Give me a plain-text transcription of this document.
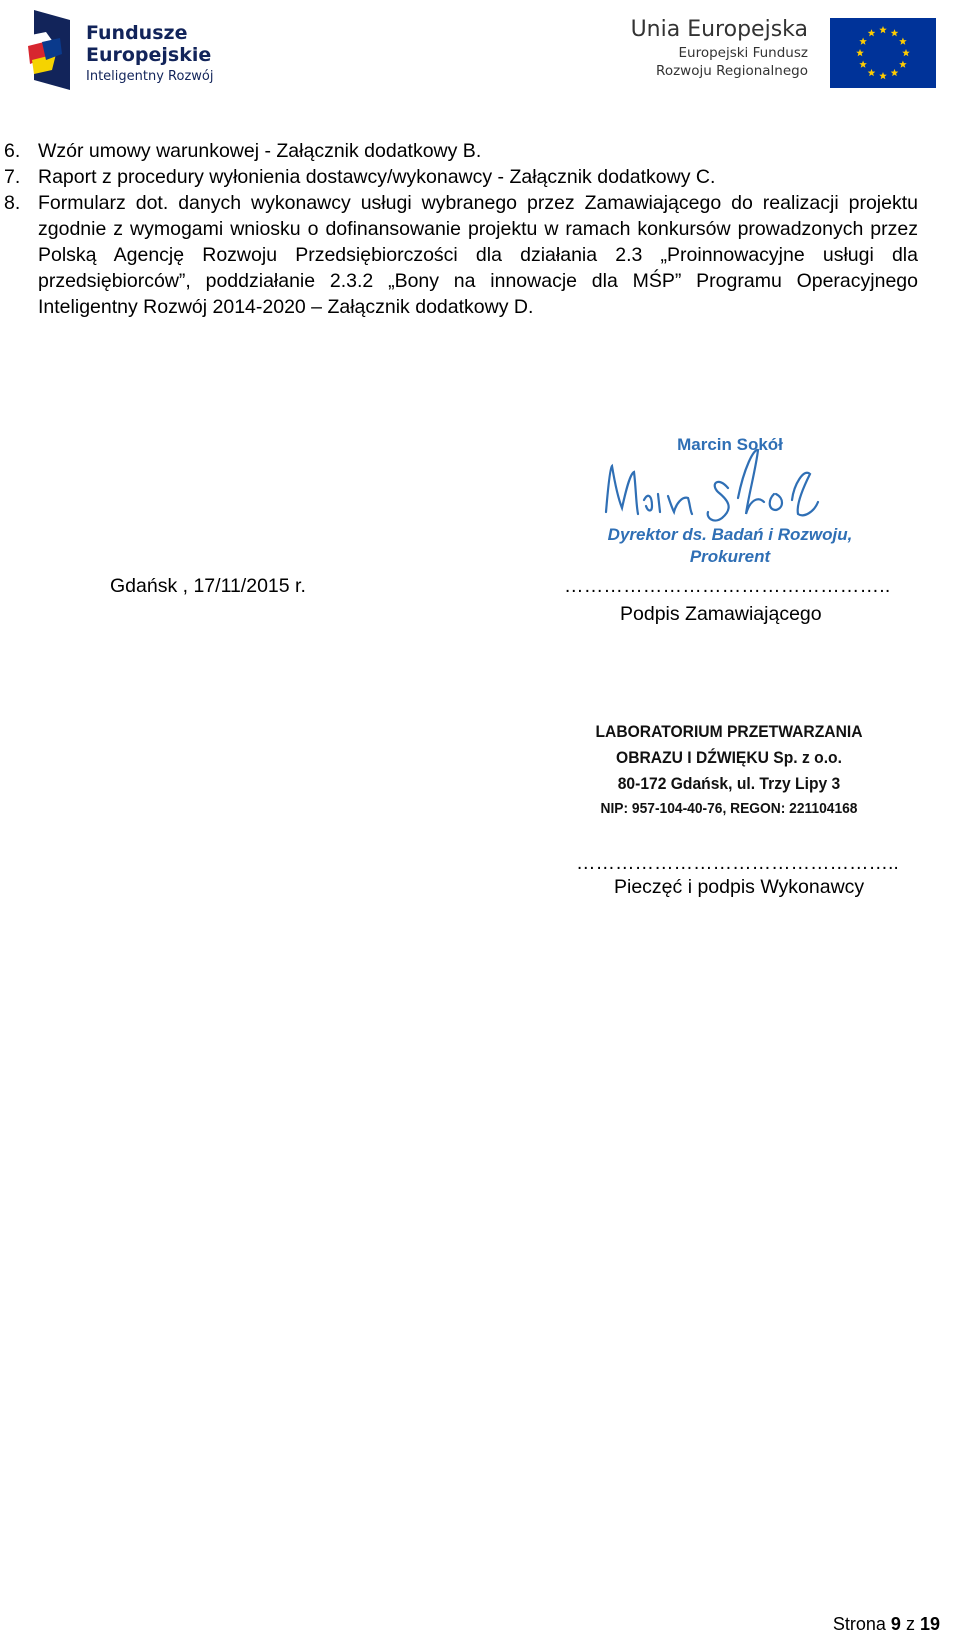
Fundusze
Europejskie
Inteligentny Rozwój
Unia Europejska
Europejski Fundusz
Rozwoju Regionalnego
6. Wzór umowy warunkowej - Załącznik dodatkowy B.
7. Raport z procedury wyłonienia dostawcy/wykonawcy - Załącznik dodatkowy C.
8. Formularz dot. danych wykonawcy usługi wybranego przez Zamawiającego do realizacji projektu zgodnie z wymogami wniosku o dofinansowanie projektu w ramach konkursów prowadzonych przez Polską Agencję Rozwoju Przedsiębiorczości dla działania 2.3 „Proinnowacyjne usługi dla przedsiębiorców”, poddziałanie 2.3.2 „Bony na innowacje dla MŚP” Programu Operacyjnego Inteligentny Rozwój 2014-2020 – Załącznik dodatkowy D.
Marcin Sokół
Dyrektor ds. Badań i Rozwoju,
Prokurent
Gdańsk , 17/11/2015 r.	…………………………………………..
Podpis Zamawiającego
LABORATORIUM PRZETWARZANIA
OBRAZU I DŹWIĘKU Sp. z o.o.
80-172 Gdańsk, ul. Trzy Lipy 3
NIP: 957-104-40-76, REGON: 221104168
…………………………………………..
Pieczęć i podpis Wykonawcy
Strona 9 z 19
